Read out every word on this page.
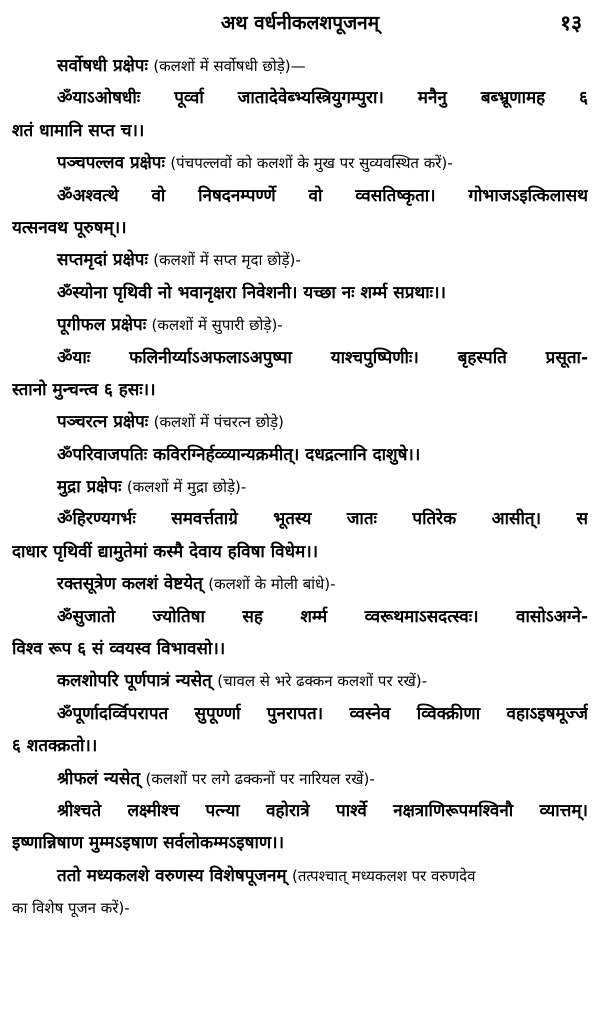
अथ वर्धनीकलशपूजनम्	१३
सर्वोषधी प्रक्षेपः (कलशों में सर्वोषधी छोड़े)—
ॐयाऽओषधीः पूर्व्वा जातादेवेब्भ्यस्त्रियुगम्पुरा। मनैनु बब्भ्रूणामह ६
शतं धामानि सप्त च।।
पञ्चपल्लव प्रक्षेपः (पंचपल्लवों को कलशों के मुख पर सुव्यवस्थित करें)-
ॐअश्वत्थे वो निषदनम्पर्ण्णे वो व्वसतिष्कृता। गोभाजऽइत्किलासथ
यत्सनवथ पूरुषम्।।
सप्तमृदां प्रक्षेपः (कलशों में सप्त मृदा छोड़ें)-
ॐस्योना पृथिवी नो भवानृक्षरा निवेशनी। यच्छा नः शर्म्म सप्रथाः।।
पूगीफल प्रक्षेपः (कलशों में सुपारी छोड़े)-
ॐयाः फलिनीर्य्याऽअफलाऽअपुष्पा याश्चपुष्पिणीः। बृहस्पति प्रसूता-
स्तानो मुन्चन्त्व ६ हसः।।
पञ्चरत्न प्रक्षेपः (कलशों में पंचरत्न छोड़े)
ॐपरिवाजपतिः कविरग्निर्हव्व्यान्यक्रमीत्। दधद्रत्नानि दाशुषे।।
मुद्रा प्रक्षेपः (कलशों में मुद्रा छोड़े)-
ॐहिरण्यगर्भः समवर्त्तताग्रे भूतस्य जातः पतिरेक आसीत्। स
दाधार पृथिवीं द्यामुतेमां कस्मै देवाय हविषा विधेम।।
रक्तसूत्रेण कलशं वेष्टयेत् (कलशों के मोली बांधे)-
ॐसुजातो ज्योतिषा सह शर्म्म व्वरूथमाऽसदत्स्वः। वासोऽअग्ने-
विश्व रूप ६ सं व्वयस्व विभावसो।।
कलशोपरि पूर्णपात्रं न्यसेत् (चावल से भरे ढक्कन कलशों पर रखें)-
ॐपूर्णादर्व्विपरापत सुपूर्ण्णा पुनरापत। व्वस्नेव व्विक्क्रीणा वहाऽइषमूर्ज्ज
६ शतक्क्रतो।।
श्रीफलं न्यसेत् (कलशों पर लगे ढक्कनों पर नारियल रखें)-
श्रीश्चते लक्ष्मीश्च पत्न्या वहोरात्रे पार्श्वे नक्षत्राणिरूपमश्विनौ व्यात्तम्।
इष्णान्निषाण मुम्मऽइषाण सर्वलोकम्मऽइषाण।।
ततो मध्यकलशे वरुणस्य विशेषपूजनम् (तत्पश्चात् मध्यकलश पर वरुणदेव
का विशेष पूजन करें)-
